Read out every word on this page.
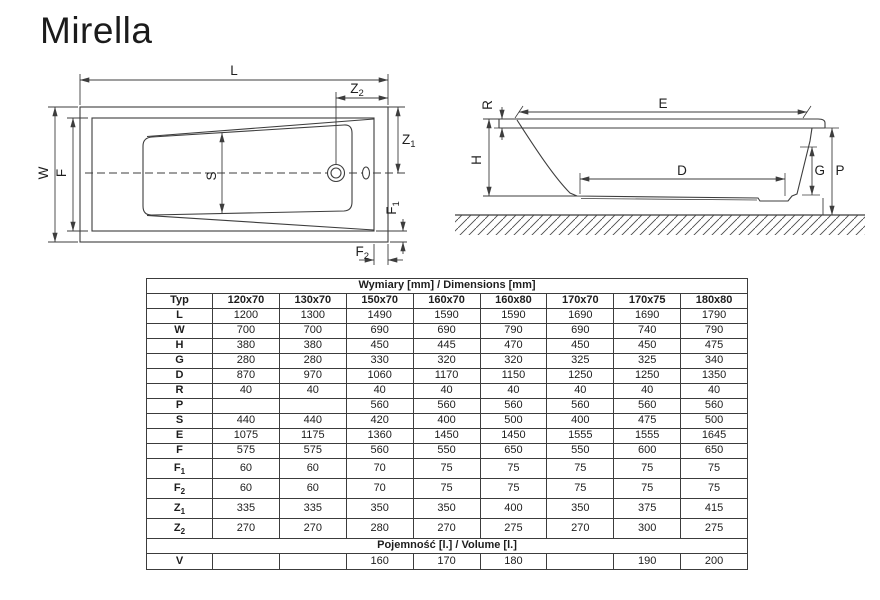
Mirella
L
$Z_2$
W F	S
$Z_1$
$F_1$
$F_2$
E
R
H
D	G P
Wymiary [mm] / Dimensions [mm]								
Typ	120x70	130x70	150x70	160x70	160x80	170x70	170x75	180x80
L	1200	1300	1490	1590	1590	1690	1690	1790
W	700	700	690	690	790	690	740	790
H	380	380	450	445	470	450	450	475
G	280	280	330	320	320	325	325	340
D	870	970	1060	1170	1150	1250	1250	1350
R	40	40	40	40	40	40	40	40
P			560	560	560	560	560	560
S	440	440	420	400	500	400	475	500
E	1075	1175	1360	1450	1450	1555	1555	1645
F	575	575	560	550	650	550	600	650
$F_1$	60	60	70	75	75	75	75	75
$F_2$	60	60	70	75	75	75	75	75
$Z_1$	335	335	350	350	400	350	375	415
$Z_2$	270	270	280	270	275	270	300	275
Pojemność [l.] / Volume [l.]								
V			160	170	180		190	200
